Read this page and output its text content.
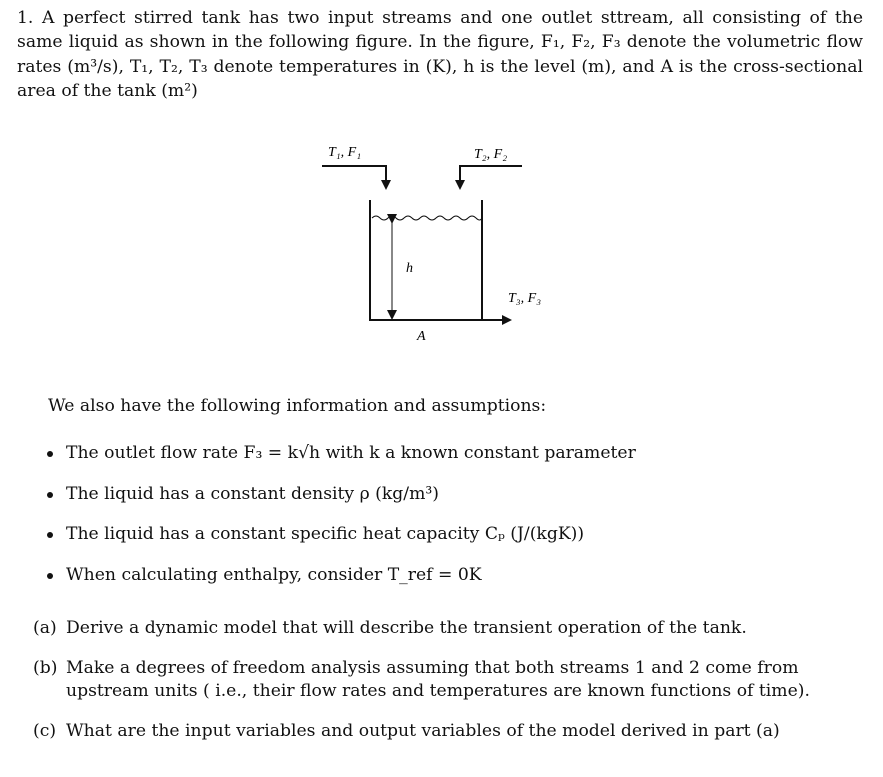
1. A perfect stirred tank has two input streams and one outlet sttream, all consisting of the same liquid as shown in the following figure. In the figure, F₁, F₂, F₃ denote the volumetric flow rates (m³/s), T₁, T₂, T₃ denote temperatures in (K), h is the level (m), and A is the cross-sectional area of the tank (m²)

T₁, F₁	T₂, F₂
h
T₃, F₃
A

We also have the following information and assumptions:

The outlet flow rate F₃ = k√h with k a known constant parameter
The liquid has a constant density ρ (kg/m³)
The liquid has a constant specific heat capacity Cₚ (J/(kgK))
When calculating enthalpy, consider T_ref = 0K
(a) Derive a dynamic model that will describe the transient operation of the tank.
(b) Make a degrees of freedom analysis assuming that both streams 1 and 2 come from upstream units ( i.e., their flow rates and temperatures are known functions of time).
(c) What are the input variables and output variables of the model derived in part (a)
